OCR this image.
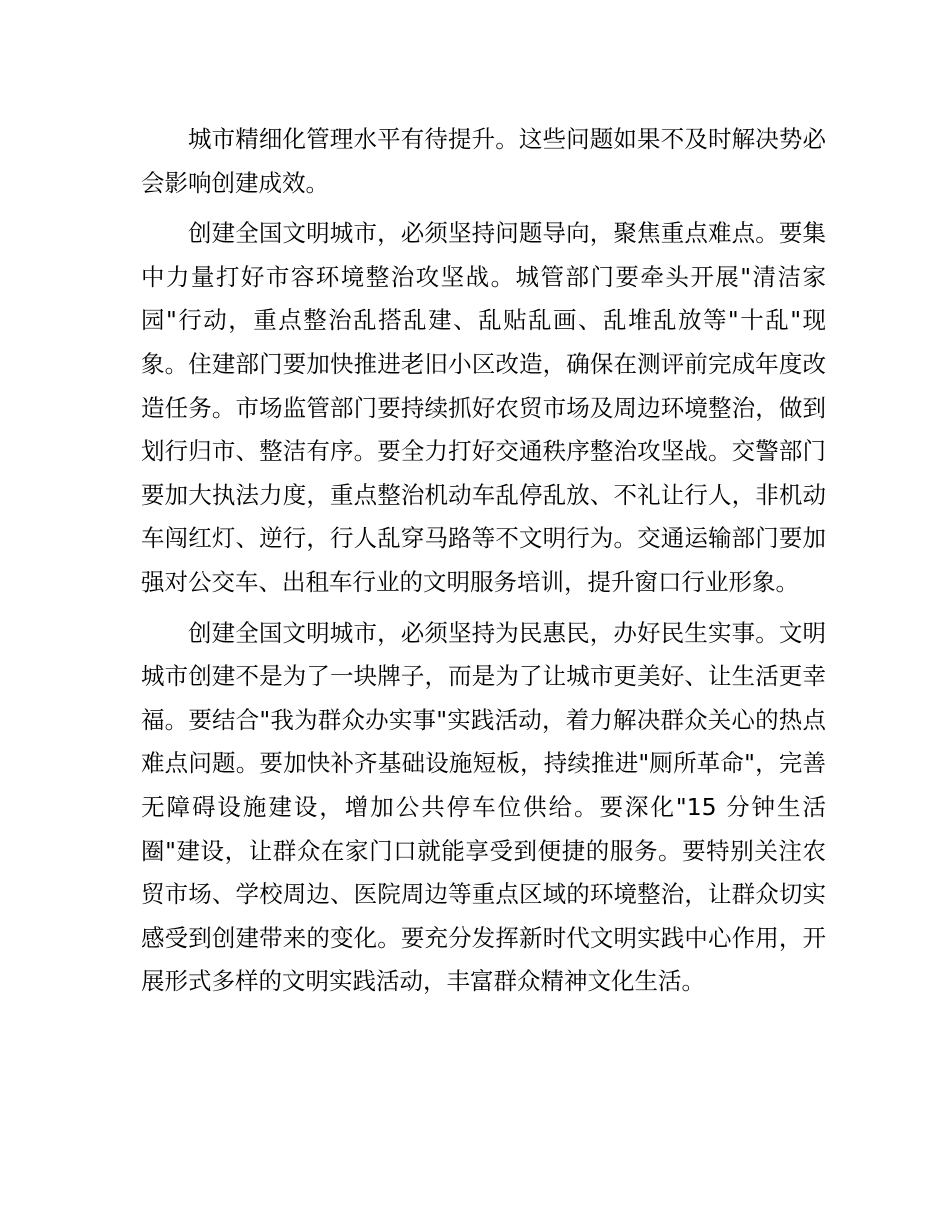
城市精细化管理水平有待提升。这些问题如果不及时解决势必会影响创建成效。

创建全国文明城市，必须坚持问题导向，聚焦重点难点。要集中力量打好市容环境整治攻坚战。城管部门要牵头开展"清洁家园"行动，重点整治乱搭乱建、乱贴乱画、乱堆乱放等"十乱"现象。住建部门要加快推进老旧小区改造，确保在测评前完成年度改造任务。市场监管部门要持续抓好农贸市场及周边环境整治，做到划行归市、整洁有序。要全力打好交通秩序整治攻坚战。交警部门要加大执法力度，重点整治机动车乱停乱放、不礼让行人，非机动车闯红灯、逆行，行人乱穿马路等不文明行为。交通运输部门要加强对公交车、出租车行业的文明服务培训，提升窗口行业形象。

创建全国文明城市，必须坚持为民惠民，办好民生实事。文明城市创建不是为了一块牌子，而是为了让城市更美好、让生活更幸福。要结合"我为群众办实事"实践活动，着力解决群众关心的热点难点问题。要加快补齐基础设施短板，持续推进"厕所革命"，完善无障碍设施建设，增加公共停车位供给。要深化"15 分钟生活圈"建设，让群众在家门口就能享受到便捷的服务。要特别关注农贸市场、学校周边、医院周边等重点区域的环境整治，让群众切实感受到创建带来的变化。要充分发挥新时代文明实践中心作用，开展形式多样的文明实践活动，丰富群众精神文化生活。
